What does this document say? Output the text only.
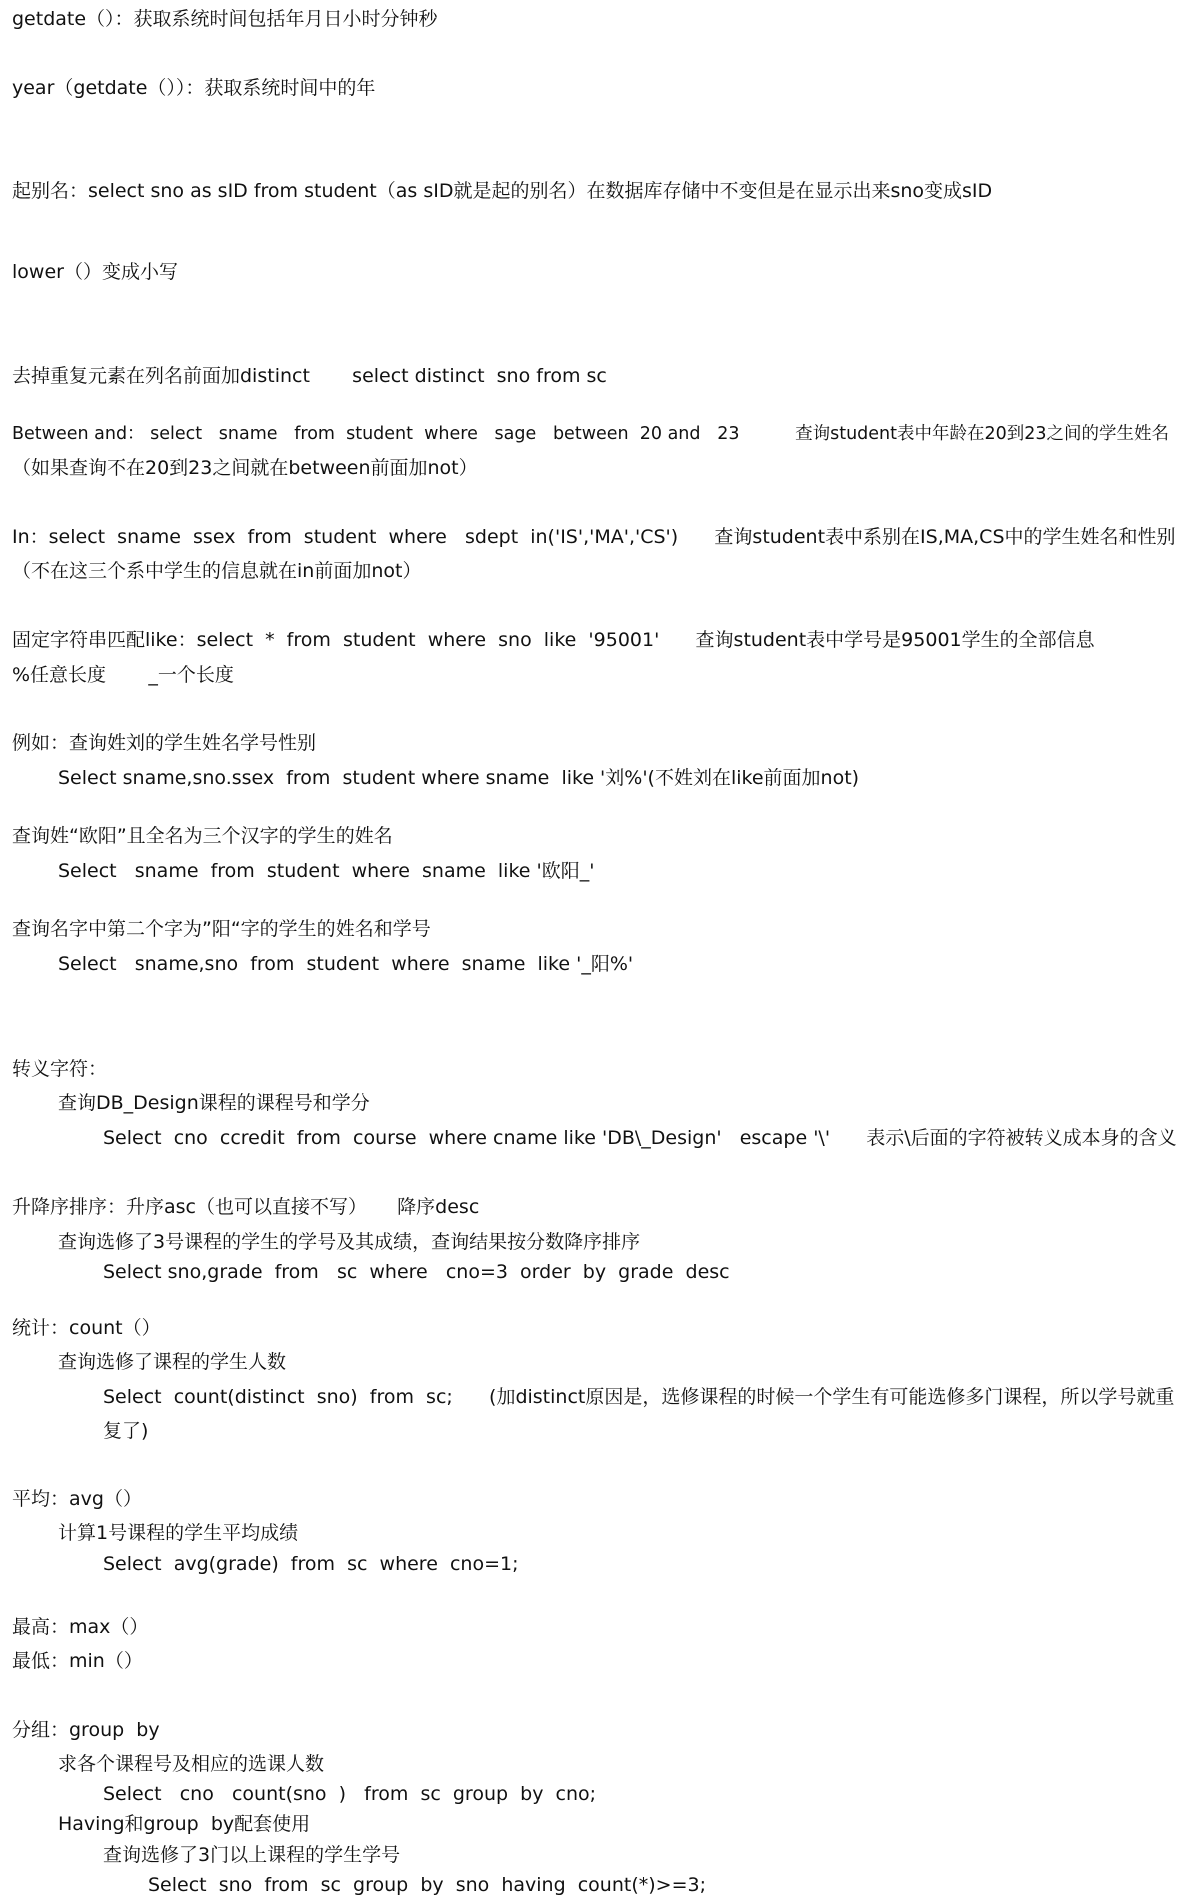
getdate（）：获取系统时间包括年月日小时分钟秒
year（getdate（））：获取系统时间中的年
起别名：select sno as sID from student（as sID就是起的别名）在数据库存储中不变但是在显示出来sno变成sID
lower（）变成小写
去掉重复元素在列名前面加distinct       select distinct  sno from sc
Between and： select   sname   from  student  where   sage   between  20 and   23          查询student表中年龄在20到23之间的学生姓名
（如果查询不在20到23之间就在between前面加not）
In：select  sname  ssex  from  student  where   sdept  in('IS','MA','CS')      查询student表中系别在IS,MA,CS中的学生姓名和性别
（不在这三个系中学生的信息就在in前面加not）
固定字符串匹配like：select  *  from  student  where  sno  like  '95001'      查询student表中学号是95001学生的全部信息
%任意长度       _一个长度
例如：查询姓刘的学生姓名学号性别
Select sname,sno.ssex  from  student where sname  like '刘%'(不姓刘在like前面加not)
查询姓“欧阳”且全名为三个汉字的学生的姓名
Select   sname  from  student  where  sname  like '欧阳_'
查询名字中第二个字为”阳“字的学生的姓名和学号
Select   sname,sno  from  student  where  sname  like '_阳%'
转义字符：
查询DB_Design课程的课程号和学分
Select  cno  ccredit  from  course  where cname like 'DB\_Design'   escape '\'      表示\后面的字符被转义成本身的含义
升降序排序：升序asc（也可以直接不写）     降序desc
查询选修了3号课程的学生的学号及其成绩，查询结果按分数降序排序
Select sno,grade  from   sc  where   cno=3  order  by  grade  desc
统计：count（）
查询选修了课程的学生人数
Select  count(distinct  sno)  from  sc;      (加distinct原因是，选修课程的时候一个学生有可能选修多门课程，所以学号就重
复了)
平均：avg（）
计算1号课程的学生平均成绩
Select  avg(grade)  from  sc  where  cno=1;
最高：max（）
最低：min（）
分组：group  by
求各个课程号及相应的选课人数
Select   cno   count(sno  )   from  sc  group  by  cno;
Having和group  by配套使用
查询选修了3门以上课程的学生学号
Select  sno  from  sc  group  by  sno  having  count(*)>=3;
